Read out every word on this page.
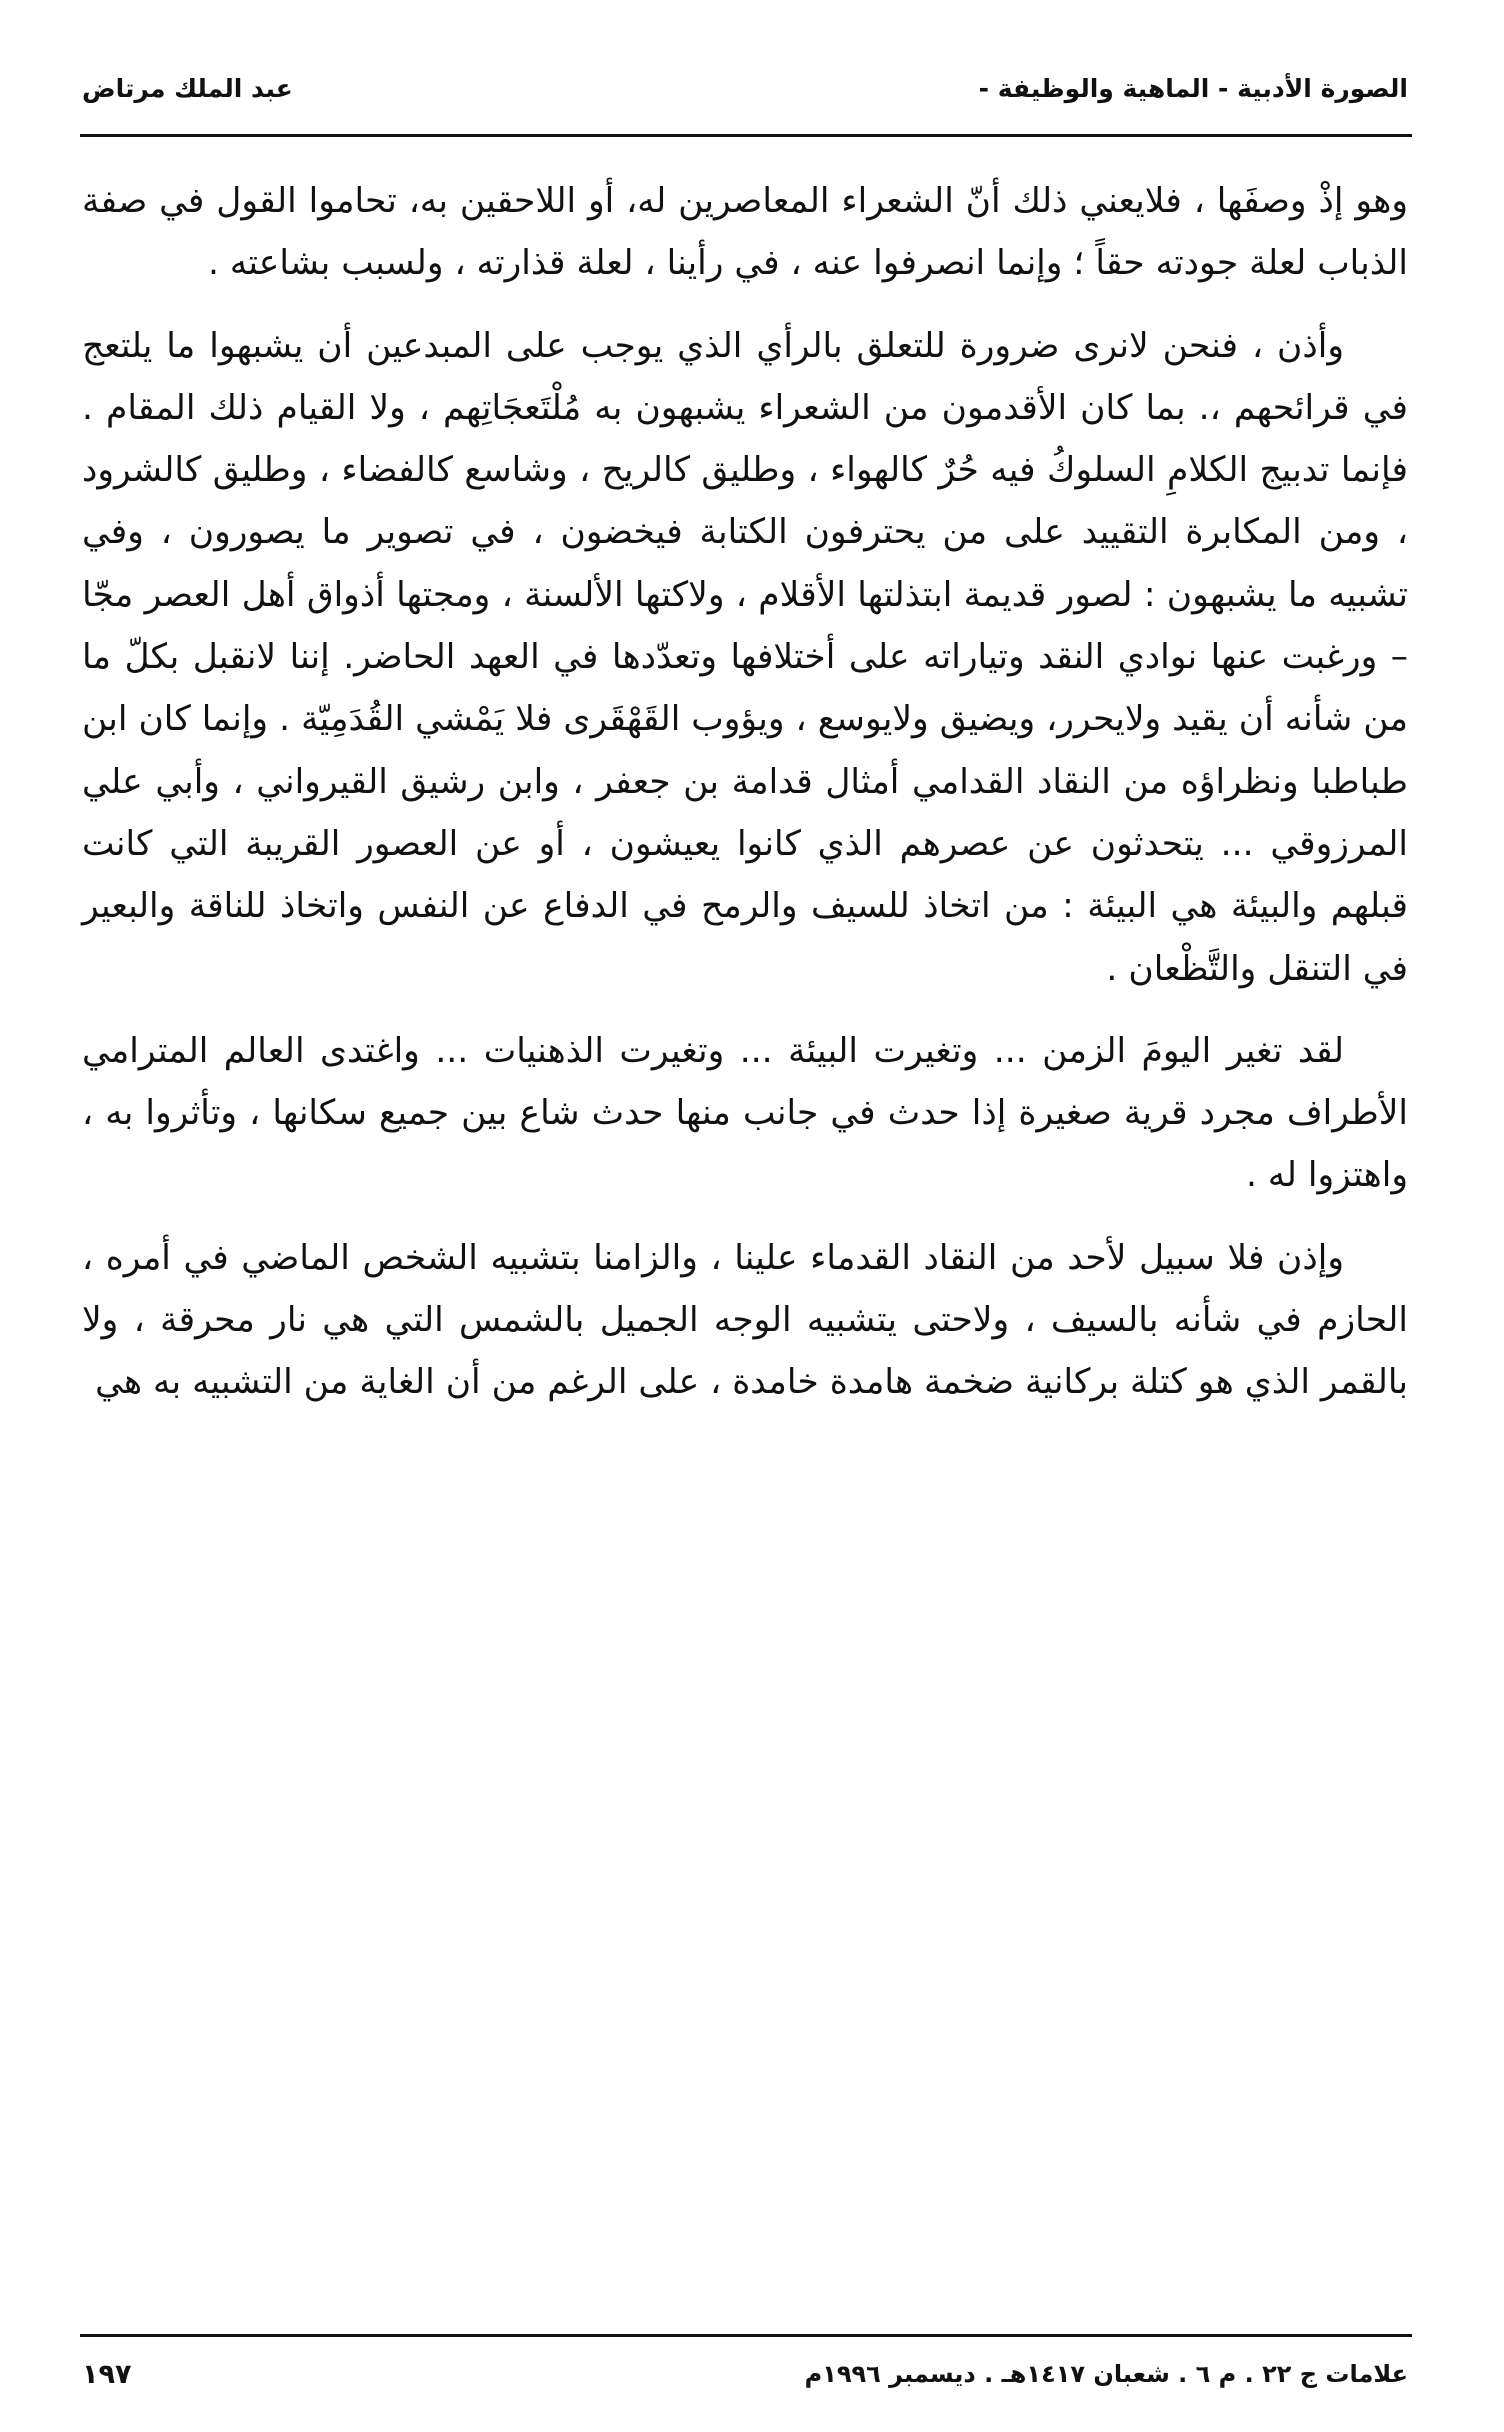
الصورة الأدبية - الماهية والوظيفة -
عبد الملك مرتاض

وهو إذْ وصفَها ، فلايعني ذلك أنّ الشعراء المعاصرين له، أو اللاحقين به، تحاموا القول في صفة الذباب لعلة جودته حقاً ؛ وإنما انصرفوا عنه ، في رأينا ، لعلة قذارته ، ولسبب بشاعته .

وأذن ، فنحن لانرى ضرورة للتعلق بالرأي الذي يوجب على المبدعين أن يشبهوا ما يلتعج في قرائحهم ،. بما كان الأقدمون من الشعراء يشبهون به مُلْتَعجَاتِهم ، ولا القيام ذلك المقام . فإنما تدبيج الكلامِ السلوكُ فيه حُرٌ كالهواء ، وطليق كالريح ، وشاسع كالفضاء ، وطليق كالشرود ، ومن المكابرة التقييد على من يحترفون الكتابة فيخضون ، في تصوير ما يصورون ، وفي تشبيه ما يشبهون : لصور قديمة ابتذلتها الأقلام ، ولاكتها الألسنة ، ومجتها أذواق أهل العصر مجّا – ورغبت عنها نوادي النقد وتياراته على أختلافها وتعدّدها في العهد الحاضر. إننا لانقبل بكلّ ما من شأنه أن يقيد ولايحرر، ويضيق ولايوسع ، ويؤوب القَهْقَرى فلا يَمْشي القُدَمِيّة . وإنما كان ابن طباطبا ونظراؤه من النقاد القدامي أمثال قدامة بن جعفر ، وابن رشيق القيرواني ، وأبي علي المرزوقي ... يتحدثون عن عصرهم الذي كانوا يعيشون ، أو عن العصور القريبة التي كانت قبلهم والبيئة هي البيئة : من اتخاذ للسيف والرمح في الدفاع عن النفس واتخاذ للناقة والبعير في التنقل والتَّظْعان .

لقد تغير اليومَ الزمن ... وتغيرت البيئة ... وتغيرت الذهنيات ... واغتدى العالم المترامي الأطراف مجرد قرية صغيرة إذا حدث في جانب منها حدث شاع بين جميع سكانها ، وتأثروا به ، واهتزوا له .

وإذن فلا سبيل لأحد من النقاد القدماء علينا ، والزامنا بتشبيه الشخص الماضي في أمره ، الحازم في شأنه بالسيف ، ولاحتى يتشبيه الوجه الجميل بالشمس التي هي نار محرقة ، ولا بالقمر الذي هو كتلة بركانية ضخمة هامدة خامدة ، على الرغم من أن الغاية من التشبيه به هي

علامات ج ٢٢ . م ٦ . شعبان ١٤١٧هـ . ديسمبر ١٩٩٦م
١٩٧
